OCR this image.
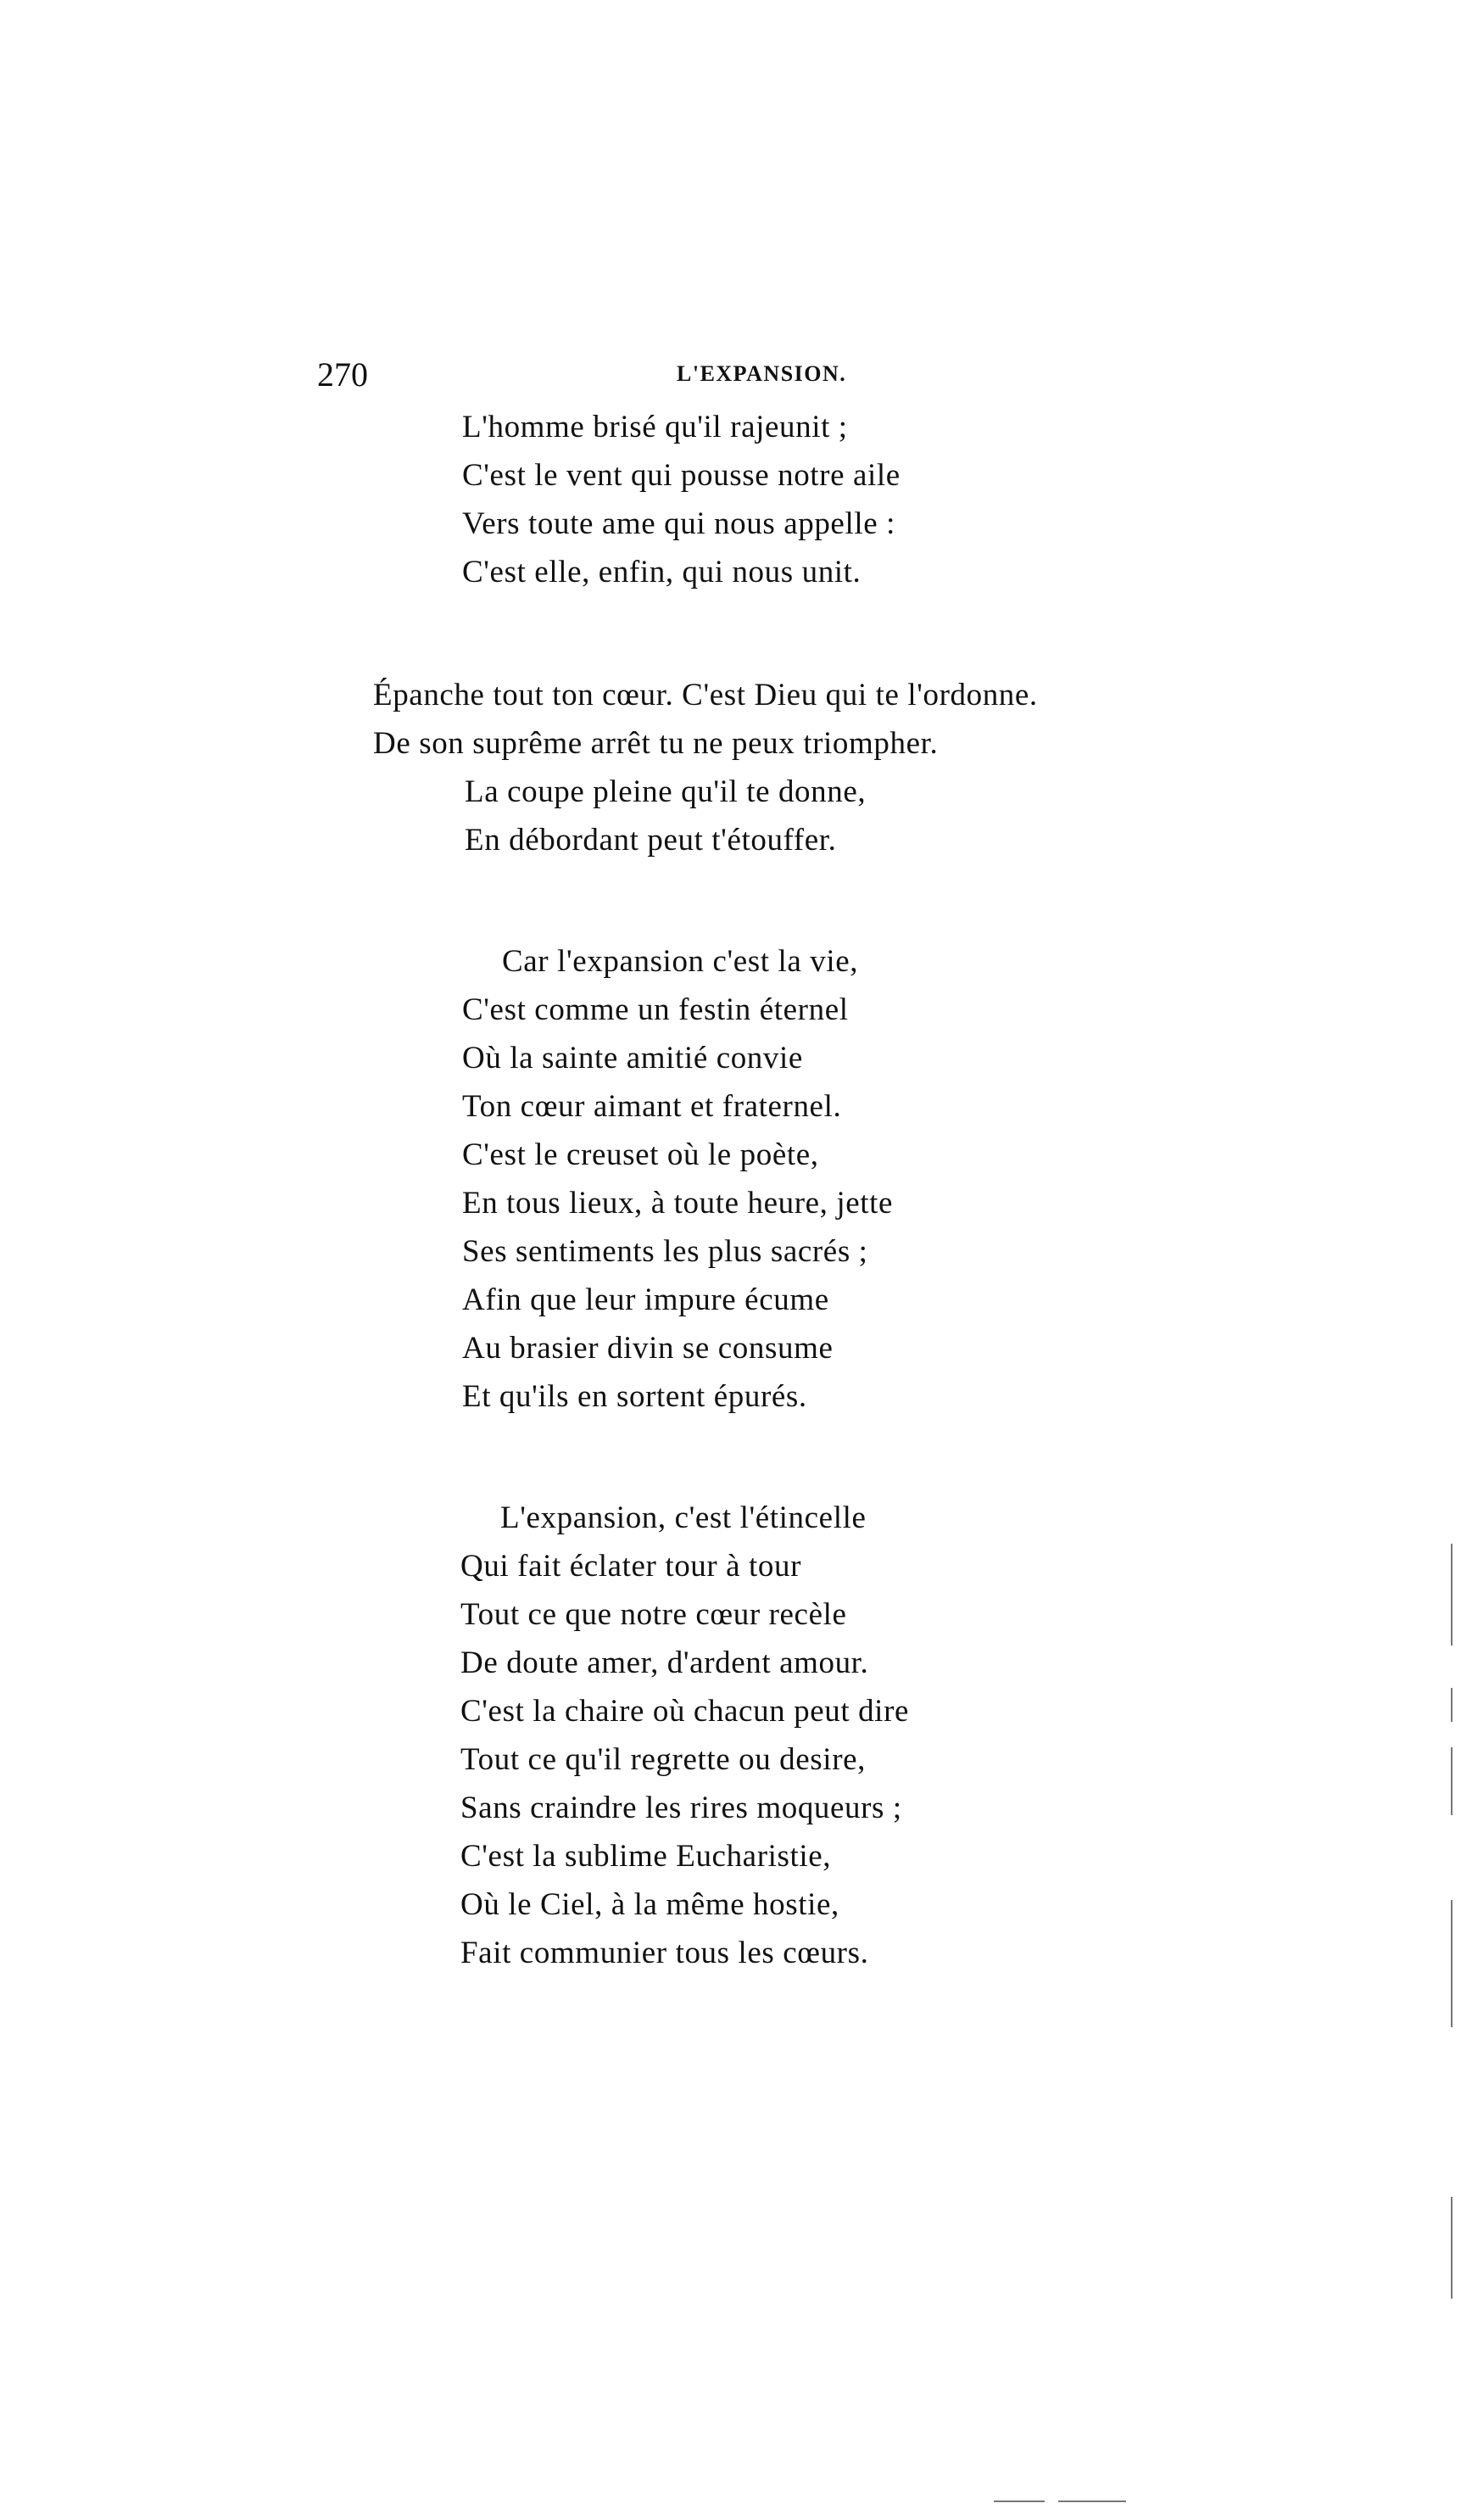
270	L'EXPANSION.
L'homme brisé qu'il rajeunit ;
C'est le vent qui pousse notre aile
Vers toute ame qui nous appelle :
C'est elle, enfin, qui nous unit.
Épanche tout ton cœur. C'est Dieu qui te l'ordonne.
De son suprême arrêt tu ne peux triompher.
La coupe pleine qu'il te donne,
En débordant peut t'étouffer.
Car l'expansion c'est la vie,
C'est comme un festin éternel
Où la sainte amitié convie
Ton cœur aimant et fraternel.
C'est le creuset où le poète,
En tous lieux, à toute heure, jette
Ses sentiments les plus sacrés ;
Afin que leur impure écume
Au brasier divin se consume
Et qu'ils en sortent épurés.
L'expansion, c'est l'étincelle
Qui fait éclater tour à tour
Tout ce que notre cœur recèle
De doute amer, d'ardent amour.
C'est la chaire où chacun peut dire
Tout ce qu'il regrette ou desire,
Sans craindre les rires moqueurs ;
C'est la sublime Eucharistie,
Où le Ciel, à la même hostie,
Fait communier tous les cœurs.
